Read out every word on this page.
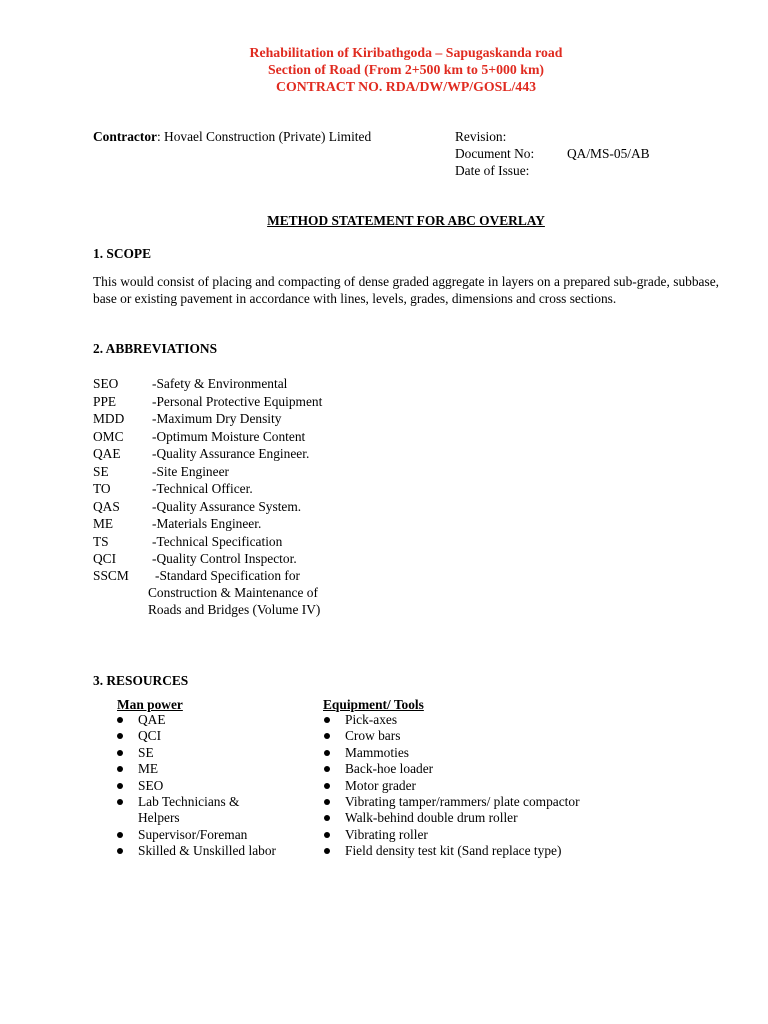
Rehabilitation of Kiribathgoda – Sapugaskanda road
Section of Road (From 2+500 km to 5+000 km)
CONTRACT NO. RDA/DW/WP/GOSL/443
Contractor: Hovael Construction (Private) Limited	Revision:
Document No: QA/MS-05/AB
Date of Issue:
METHOD STATEMENT FOR ABC OVERLAY
1. SCOPE
This would consist of placing and compacting of dense graded aggregate in layers on a prepared sub-grade, subbase, base or existing pavement in accordance with lines, levels, grades, dimensions and cross sections.
2. ABBREVIATIONS
SEO	-Safety & Environmental
PPE	-Personal Protective Equipment
MDD -Maximum Dry Density
OMC -Optimum Moisture Content
QAE -Quality Assurance Engineer.
SE	-Site Engineer
TO	-Technical Officer.
QAS -Quality Assurance System.
ME	-Materials Engineer.
TS	-Technical Specification
QCI	-Quality Control Inspector.
SSCM -Standard Specification for
Construction & Maintenance of
Roads and Bridges (Volume IV)
3. RESOURCES
Man power	Equipment/ Tools
QAE
QCI
SE
ME
SEO
Lab Technicians & Helpers
Supervisor/Foreman
Skilled & Unskilled labor
Pick-axes
Crow bars
Mammoties
Back-hoe loader
Motor grader
Vibrating tamper/rammers/ plate compactor
Walk-behind double drum roller
Vibrating roller
Field density test kit (Sand replace type)
